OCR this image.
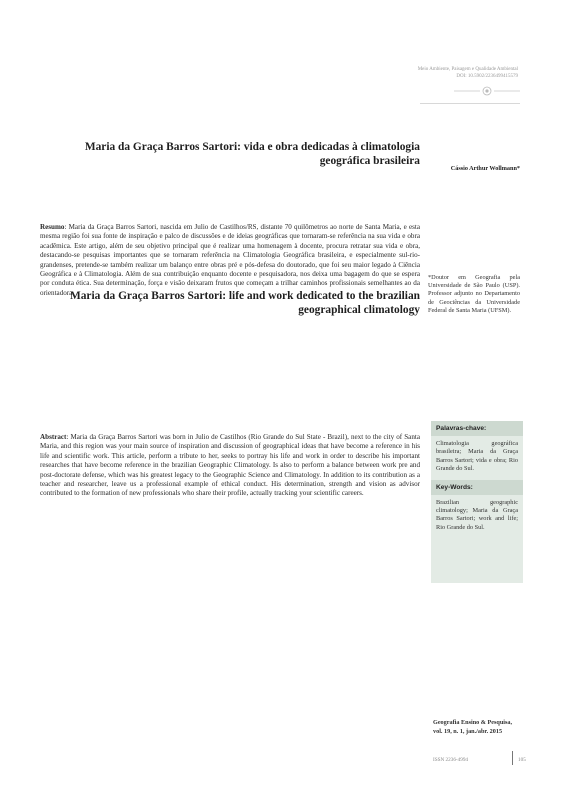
Meio Ambiente, Paisagem e Qualidade Ambiental
DOI: 10.5902/2236499415579
Maria da Graça Barros Sartori: vida e obra dedicadas à climatologia
geográfica brasileira
Cássio Arthur Wollmann*
Resumo: Maria da Graça Barros Sartori, nascida em Julio de Castilhos/RS, distante 70 quilômetros ao norte de Santa Maria, e esta mesma região foi sua fonte de inspiração e palco de discussões e de ideias geográficas que tornaram-se referência na sua vida e obra acadêmica. Este artigo, além de seu objetivo principal que é realizar uma homenagem à docente, procura retratar sua vida e obra, destacando-se pesquisas importantes que se tornaram referência na Climatologia Geográfica brasileira, e especialmente sul-rio-grandenses, pretende-se também realizar um balanço entre obras pré e pós-defesa do doutorado, que foi seu maior legado à Ciência Geográfica e à Climatologia. Além de sua contribuição enquanto docente e pesquisadora, nos deixa uma bagagem do que se espera por conduta ética. Sua determinação, força e visão deixaram frutos que começam a trilhar caminhos profissionais semelhantes ao da orientadora.
*Doutor em Geografia pela Universidade de São Paulo (USP). Professor adjunto no Departamento de Geociências da Universidade Federal de Santa Maria (UFSM).
Maria da Graça Barros Sartori: life and work dedicated to the brazilian
geographical climatology
Abstract: Maria da Graça Barros Sartori was born in Julio de Castilhos (Rio Grande do Sul State - Brazil), next to the city of Santa Maria, and this region was your main source of inspiration and discussion of geographical ideas that have become a reference in his life and scientific work. This article, perform a tribute to her, seeks to portray his life and work in order to describe his important researches that have become reference in the brazilian Geographic Climatology. Is also to perform a balance between work pre and post-doctorate defense, which was his greatest legacy to the Geographic Science and Climatology. In addition to its contribution as a teacher and researcher, leave us a professional example of ethical conduct. His determination, strength and vision as advisor contributed to the formation of new professionals who share their profile, actually tracking your scientific careers.
Palavras-chave:
Climatologia geográfica brasileira; Maria da Graça Barros Sartori; vida e obra; Rio Grande do Sul.
Key-Words:
Brazilian geographic climatology; Maria da Graça Barros Sartori; work and life; Rio Grande do Sul.
Geografia Ensino & Pesquisa,
vol. 19, n. 1, jan./abr. 2015
ISSN 2236-4994	105
